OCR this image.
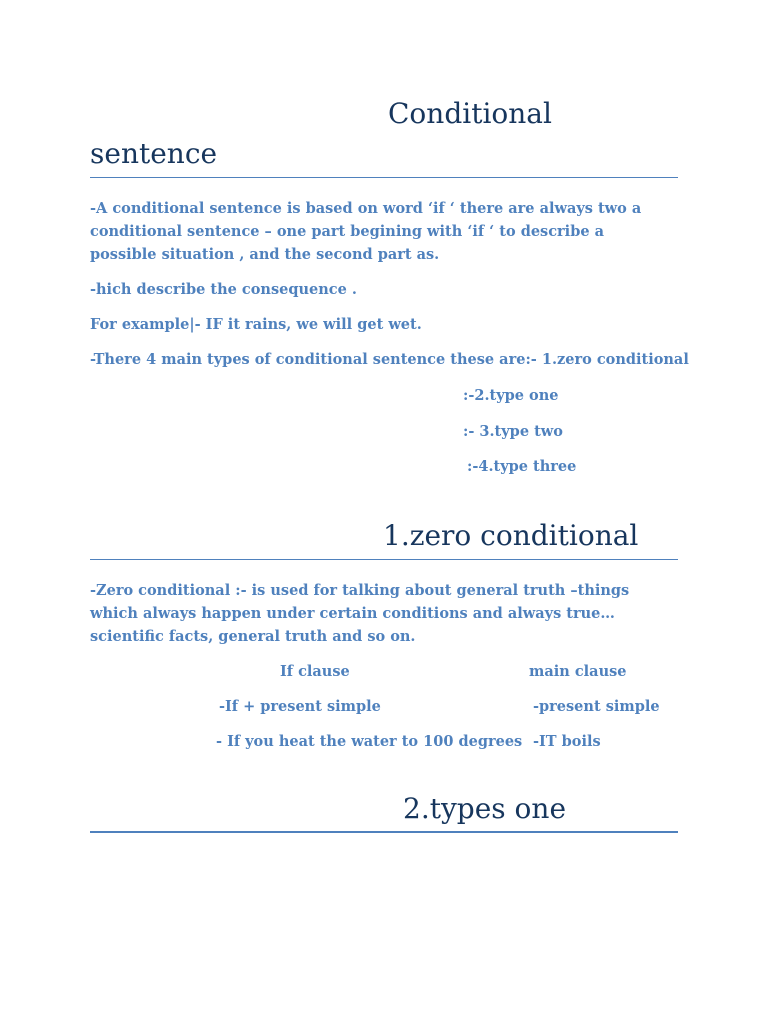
Conditional
sentence

-A conditional sentence is based on word ‘if ‘ there are always two a conditional sentence – one part begining with ‘if ‘ to describe a possible situation , and the second part as.

-hich describe the consequence .

For example|- IF it rains, we will get wet.

-There 4 main types of conditional sentence these are:- 1.zero conditional

:-2.type one

:- 3.type two

:-4.type three

1.zero conditional

-Zero conditional :- is used for talking about general truth –things which always happen under certain conditions and always true…scientific facts, general truth and so on.

If clause	main clause

-If + present simple	-present simple

- If you heat the water to 100 degrees -IT boils

2.types one
